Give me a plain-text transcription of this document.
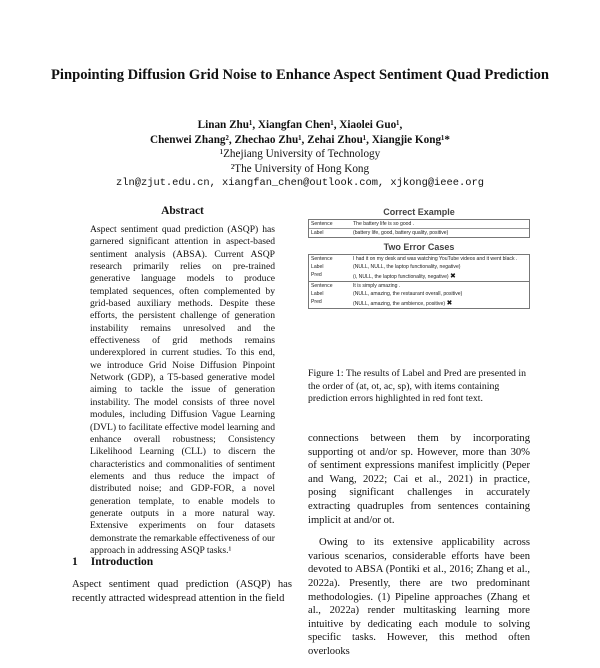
Pinpointing Diffusion Grid Noise to Enhance Aspect Sentiment Quad Prediction
Linan Zhu¹, Xiangfan Chen¹, Xiaolei Guo¹,
Chenwei Zhang², Zhechao Zhu¹, Zehai Zhou¹, Xiangjie Kong¹*
¹Zhejiang University of Technology
²The University of Hong Kong
zln@zjut.edu.cn, xiangfan_chen@outlook.com, xjkong@ieee.org
Abstract

Aspect sentiment quad prediction (ASQP) has garnered significant attention in aspect-based sentiment analysis (ABSA). Current ASQP research primarily relies on pre-trained generative language models to produce templated sequences, often complemented by grid-based auxiliary methods. Despite these efforts, the persistent challenge of generation instability remains unresolved and the effectiveness of grid methods remains underexplored in current studies. To this end, we introduce Grid Noise Diffusion Pinpoint Network (GDP), a T5-based generative model aiming to tackle the issue of generation instability. The model consists of three novel modules, including Diffusion Vague Learning (DVL) to facilitate effective model learning and enhance overall robustness; Consistency Likelihood Learning (CLL) to discern the characteristics and commonalities of sentiment elements and thus reduce the impact of distributed noise; and GDP-FOR, a novel generation template, to enable models to generate outputs in a more natural way. Extensive experiments on four datasets demonstrate the remarkable effectiveness of our approach in addressing ASQP tasks.¹

1 Introduction
Aspect sentiment quad prediction (ASQP) has recently attracted widespread attention in the field
Correct Example
Sentence	The battery life is so good .
Label	(battery life, good, battery quality, positive)
Two Error Cases
Sentence	I had it on my desk and was watching YouTube videos and it went black .
Label	(NULL, NULL, the laptop functionality, negative)
Pred	(i, NULL, the laptop functionality, negative) ✖
Sentence	It is simply amazing .
Label	(NULL, amazing, the restaurant overall, positive)
Pred	(NULL, amazing, the ambience, positive) ✖
Figure 1: The results of Label and Pred are presented in the order of (at, ot, ac, sp), with items containing prediction errors highlighted in red font text.

connections between them by incorporating supporting ot and/or sp. However, more than 30% of sentiment expressions manifest implicitly (Peper and Wang, 2022; Cai et al., 2021) in practice, posing significant challenges in accurately extracting quadruples from sentences containing implicit at and/or ot.

Owing to its extensive applicability across various scenarios, considerable efforts have been devoted to ABSA (Pontiki et al., 2016; Zhang et al., 2022a). Presently, there are two predominant methodologies. (1) Pipeline approaches (Zhang et al., 2022a) render multitasking learning more intuitive by dedicating each module to solving specific tasks. However, this method often overlooks
